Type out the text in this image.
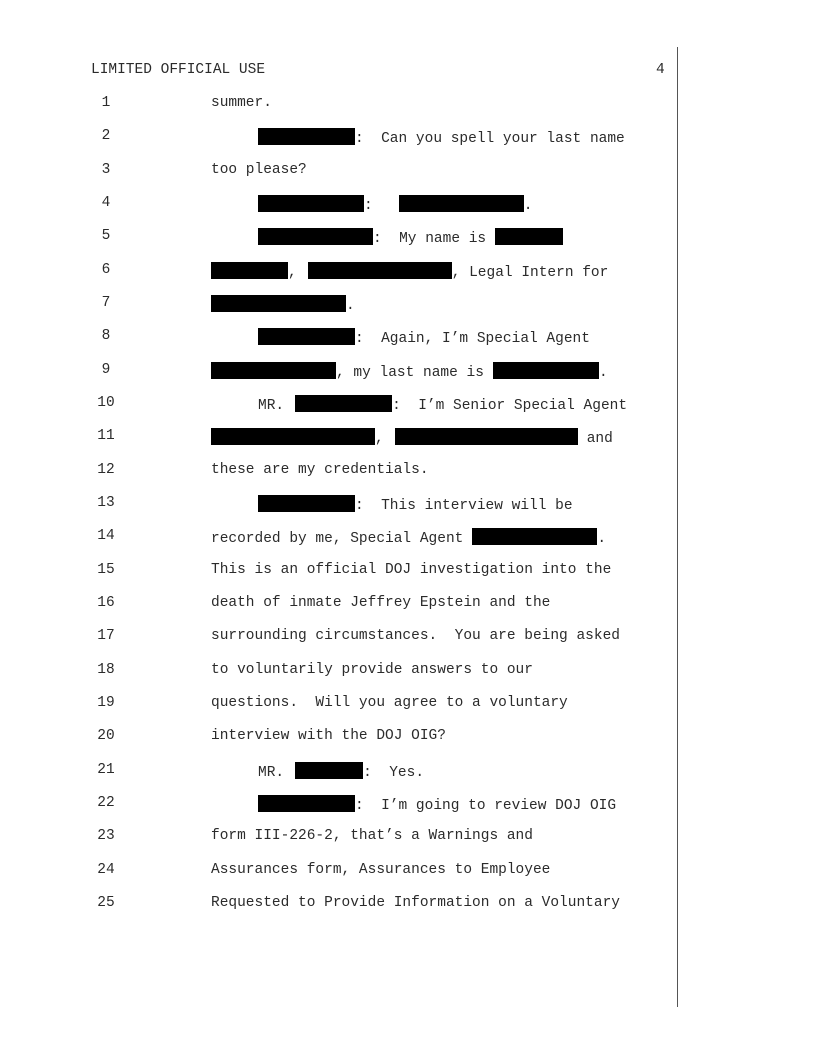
LIMITED OFFICIAL USE	4
1
2
3
4
5
6
7
8
9
10
11
12
13
14
15
16
17
18
19
20
21
22
23
24
25
summer.
:  Can you spell your last name
too please?
:	.
:  My name is
,	, Legal Intern for
.
:  Again, I’m Special Agent
, my last name is	.
MR.	:  I’m Senior Special Agent
,	and
these are my credentials.
:  This interview will be
recorded by me, Special Agent	.
This is an official DOJ investigation into the
death of inmate Jeffrey Epstein and the
surrounding circumstances.  You are being asked
to voluntarily provide answers to our
questions.  Will you agree to a voluntary
interview with the DOJ OIG?
MR.	:  Yes.
:  I’m going to review DOJ OIG
form III-226-2, that’s a Warnings and
Assurances form, Assurances to Employee
Requested to Provide Information on a Voluntary
